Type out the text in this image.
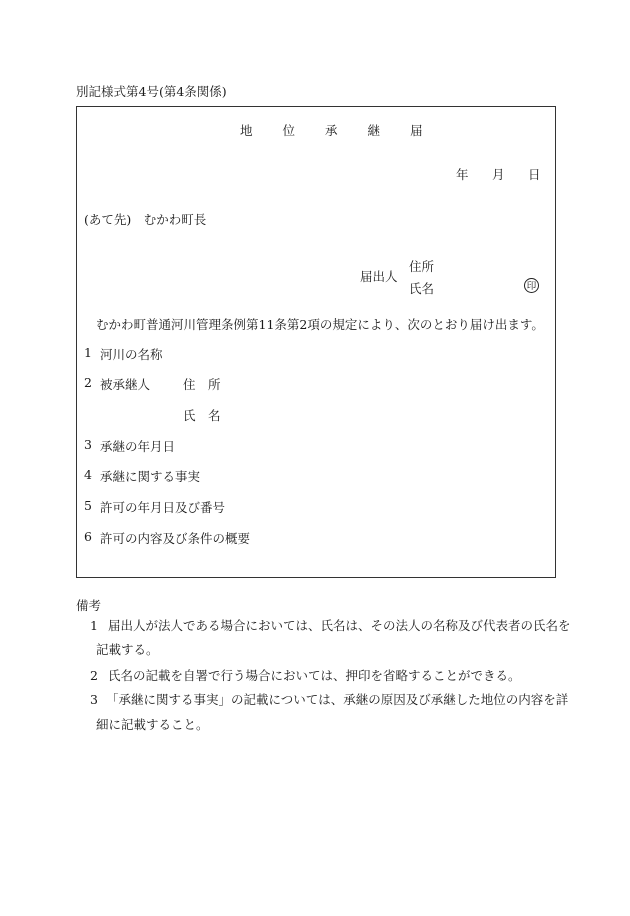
別記様式第4号(第4条関係)
地 位 承 継 届
年 月 日
(あて先)　むかわ町長
届出人
住所
氏名	印
むかわ町普通河川管理条例第11条第2項の規定により、次のとおり届け出ます。
1 河川の名称
2 被承継人	住　所
氏　名
3 承継の年月日
4 承継に関する事実
5 許可の年月日及び番号
6 許可の内容及び条件の概要
備考
1 届出人が法人である場合においては、氏名は、その法人の名称及び代表者の氏名を
記載する。
2 氏名の記載を自署で行う場合においては、押印を省略することができる。
3 「承継に関する事実」の記載については、承継の原因及び承継した地位の内容を詳
細に記載すること。
